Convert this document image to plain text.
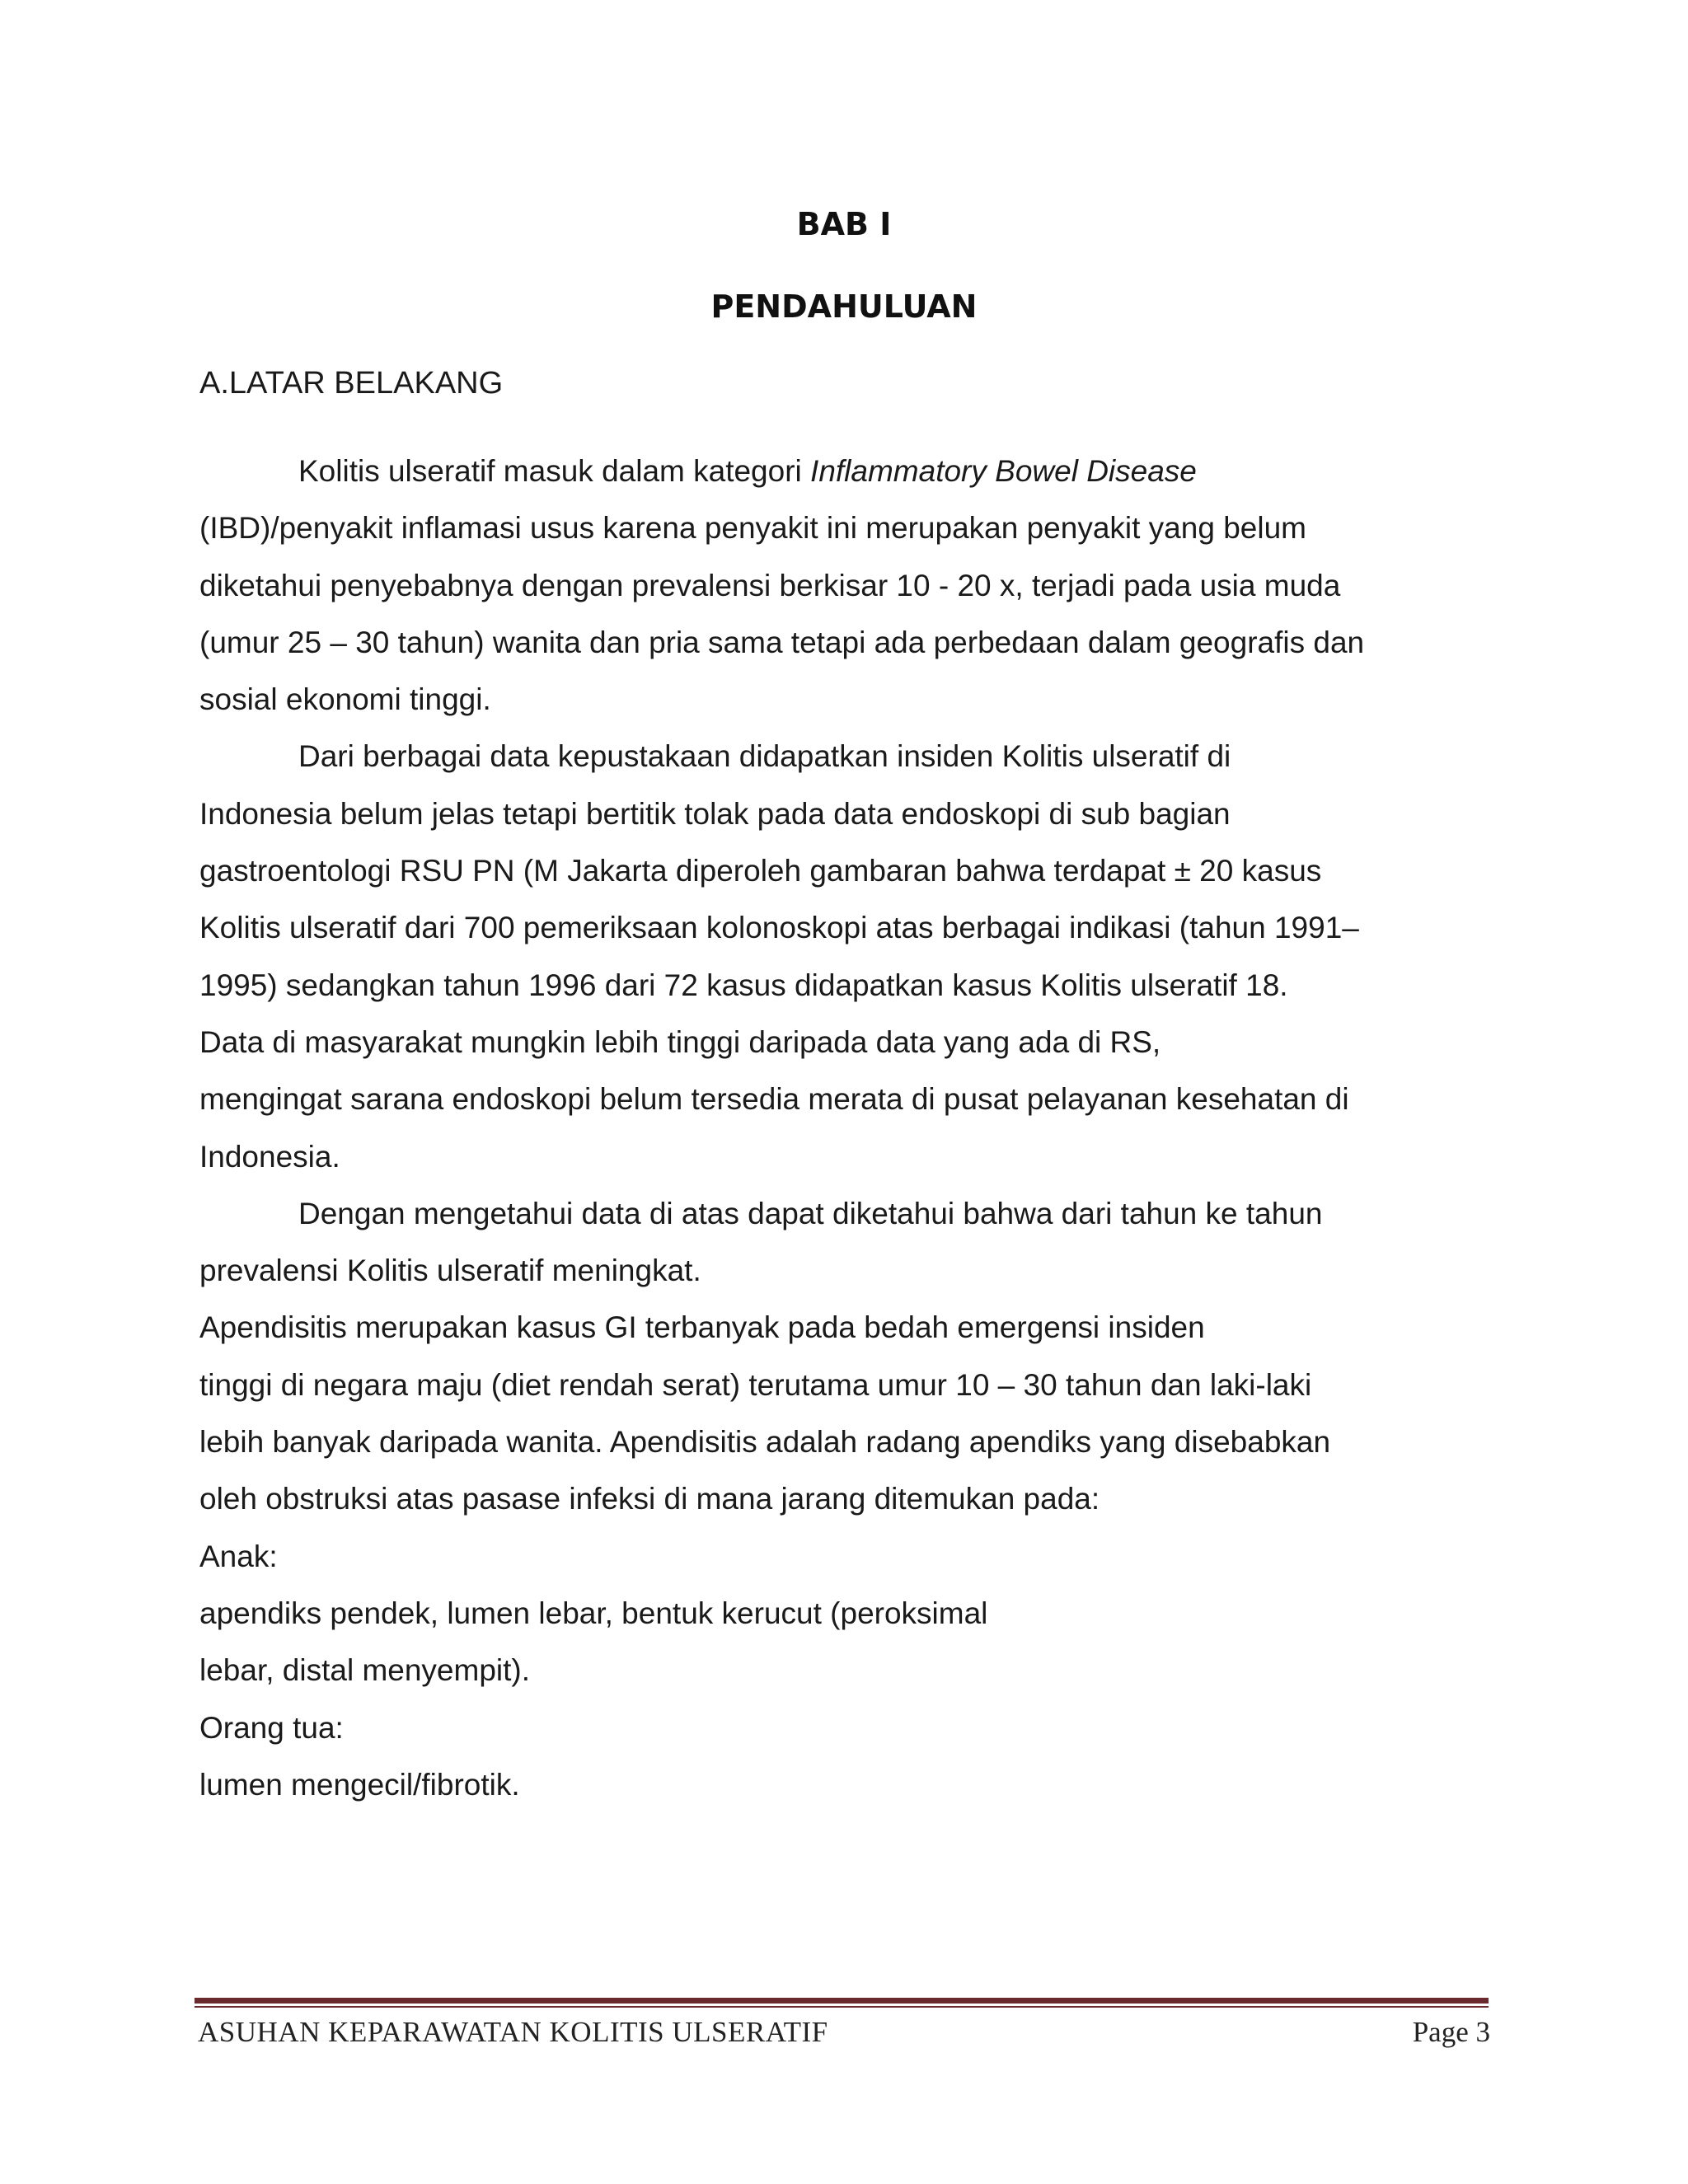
BAB I
PENDAHULUAN
A.LATAR BELAKANG
Kolitis ulseratif masuk dalam kategori Inflammatory Bowel Disease
(IBD)/penyakit inflamasi usus karena penyakit ini merupakan penyakit yang belum
diketahui penyebabnya dengan prevalensi berkisar 10 - 20 x, terjadi pada usia muda
(umur 25 – 30 tahun) wanita dan pria sama tetapi ada perbedaan dalam geografis dan
sosial ekonomi tinggi.
Dari berbagai data kepustakaan didapatkan insiden Kolitis ulseratif di
Indonesia belum jelas tetapi bertitik tolak pada data endoskopi di sub bagian
gastroentologi RSU PN (M Jakarta diperoleh gambaran bahwa terdapat ± 20 kasus
Kolitis ulseratif dari 700 pemeriksaan kolonoskopi atas berbagai indikasi (tahun 1991–
1995) sedangkan tahun 1996 dari 72 kasus didapatkan kasus Kolitis ulseratif 18.
Data di masyarakat mungkin lebih tinggi daripada data yang ada di RS,
mengingat sarana endoskopi belum tersedia merata di pusat pelayanan kesehatan di
Indonesia.
Dengan mengetahui data di atas dapat diketahui bahwa dari tahun ke tahun
prevalensi Kolitis ulseratif meningkat.
Apendisitis merupakan kasus GI terbanyak pada bedah emergensi insiden
tinggi di negara maju (diet rendah serat) terutama umur 10 – 30 tahun dan laki-laki
lebih banyak daripada wanita. Apendisitis adalah radang apendiks yang disebabkan
oleh obstruksi atas pasase infeksi di mana jarang ditemukan pada:
Anak:
apendiks pendek, lumen lebar, bentuk kerucut (peroksimal
lebar, distal menyempit).
Orang tua:
lumen mengecil/fibrotik.
ASUHAN KEPARAWATAN KOLITIS ULSERATIF	Page 3
